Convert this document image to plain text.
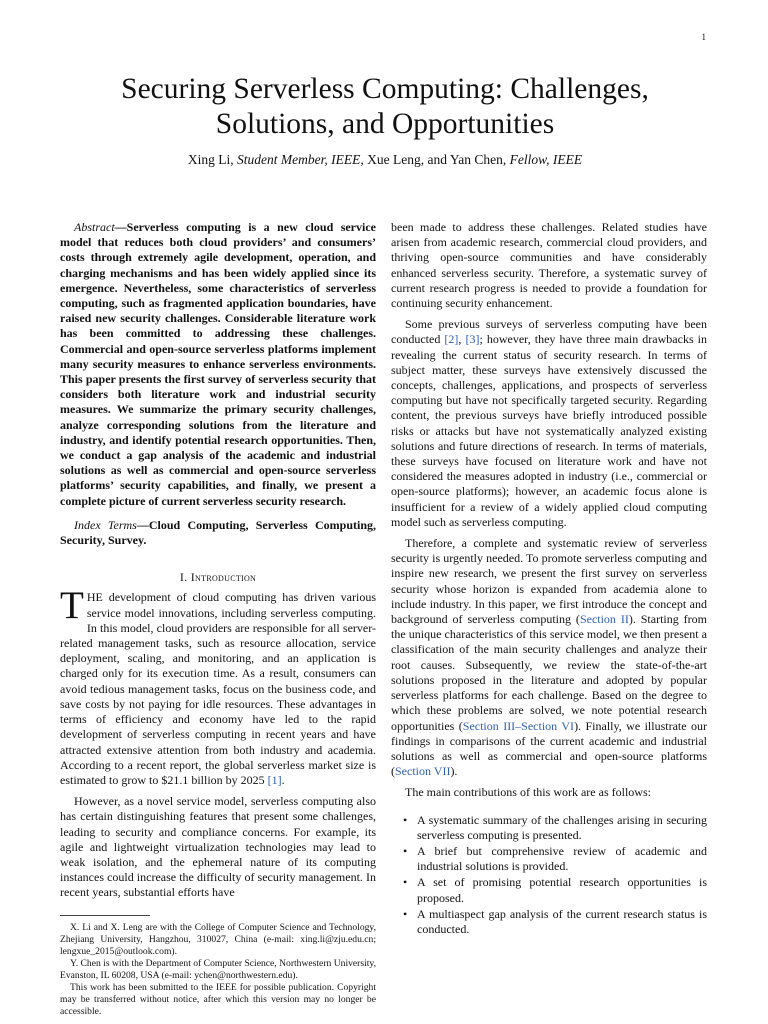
1
Securing Serverless Computing: Challenges,
Solutions, and Opportunities
Xing Li, Student Member, IEEE, Xue Leng, and Yan Chen, Fellow, IEEE

Abstract—Serverless computing is a new cloud service model that reduces both cloud providers’ and consumers’ costs through extremely agile development, operation, and charging mechanisms and has been widely applied since its emergence. Nevertheless, some characteristics of serverless computing, such as fragmented application boundaries, have raised new security challenges. Considerable literature work has been committed to addressing these challenges. Commercial and open-source serverless platforms implement many security measures to enhance serverless environments. This paper presents the first survey of serverless security that considers both literature work and industrial security measures. We summarize the primary security challenges, analyze corresponding solutions from the literature and industry, and identify potential research opportunities. Then, we conduct a gap analysis of the academic and industrial solutions as well as commercial and open-source serverless platforms’ security capabilities, and finally, we present a complete picture of current serverless security research.

Index Terms—Cloud Computing, Serverless Computing, Security, Survey.

I. Introduction

THE development of cloud computing has driven various service model innovations, including serverless computing. In this model, cloud providers are responsible for all server-related management tasks, such as resource allocation, service deployment, scaling, and monitoring, and an application is charged only for its execution time. As a result, consumers can avoid tedious management tasks, focus on the business code, and save costs by not paying for idle resources. These advantages in terms of efficiency and economy have led to the rapid development of serverless computing in recent years and have attracted extensive attention from both industry and academia. According to a recent report, the global serverless market size is estimated to grow to $21.1 billion by 2025 [1].

However, as a novel service model, serverless computing also has certain distinguishing features that present some challenges, leading to security and compliance concerns. For example, its agile and lightweight virtualization technologies may lead to weak isolation, and the ephemeral nature of its computing instances could increase the difficulty of security management. In recent years, substantial efforts have

X. Li and X. Leng are with the College of Computer Science and Technology, Zhejiang University, Hangzhou, 310027, China (e-mail: xing.li@zju.edu.cn; lengxue_2015@outlook.com).

Y. Chen is with the Department of Computer Science, Northwestern University, Evanston, IL 60208, USA (e-mail: ychen@northwestern.edu).

This work has been submitted to the IEEE for possible publication. Copyright may be transferred without notice, after which this version may no longer be accessible.

been made to address these challenges. Related studies have arisen from academic research, commercial cloud providers, and thriving open-source communities and have considerably enhanced serverless security. Therefore, a systematic survey of current research progress is needed to provide a foundation for continuing security enhancement.

Some previous surveys of serverless computing have been conducted [2], [3]; however, they have three main drawbacks in revealing the current status of security research. In terms of subject matter, these surveys have extensively discussed the concepts, challenges, applications, and prospects of serverless computing but have not specifically targeted security. Regarding content, the previous surveys have briefly introduced possible risks or attacks but have not systematically analyzed existing solutions and future directions of research. In terms of materials, these surveys have focused on literature work and have not considered the measures adopted in industry (i.e., commercial or open-source platforms); however, an academic focus alone is insufficient for a review of a widely applied cloud computing model such as serverless computing.

Therefore, a complete and systematic review of serverless security is urgently needed. To promote serverless computing and inspire new research, we present the first survey on serverless security whose horizon is expanded from academia alone to include industry. In this paper, we first introduce the concept and background of serverless computing (Section II). Starting from the unique characteristics of this service model, we then present a classification of the main security challenges and analyze their root causes. Subsequently, we review the state-of-the-art solutions proposed in the literature and adopted by popular serverless platforms for each challenge. Based on the degree to which these problems are solved, we note potential research opportunities (Section III–Section VI). Finally, we illustrate our findings in comparisons of the current academic and industrial solutions as well as commercial and open-source platforms (Section VII).

The main contributions of this work are as follows:

• A systematic summary of the challenges arising in securing serverless computing is presented.
• A brief but comprehensive review of academic and industrial solutions is provided.
• A set of promising potential research opportunities is proposed.
• A multiaspect gap analysis of the current research status is conducted.
